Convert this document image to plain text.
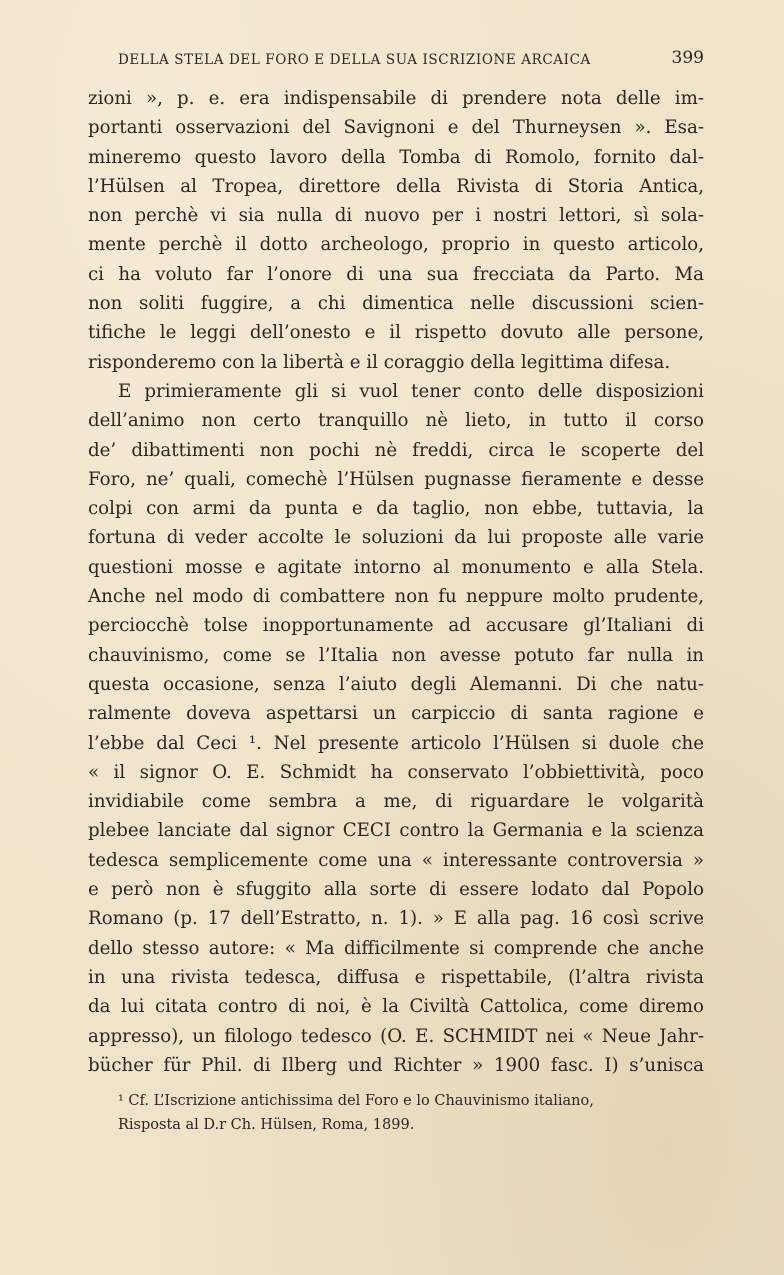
DELLA STELA DEL FORO E DELLA SUA ISCRIZIONE ARCAICA	399
zioni », p. e. era indispensabile di prendere nota delle im-
portanti osservazioni del Savignoni e del Thurneysen ». Esa-
mineremo questo lavoro della Tomba di Romolo, fornito dal-
l’Hülsen al Tropea, direttore della Rivista di Storia Antica,
non perchè vi sia nulla di nuovo per i nostri lettori, sì sola-
mente perchè il dotto archeologo, proprio in questo articolo,
ci ha voluto far l’onore di una sua frecciata da Parto. Ma
non soliti fuggire, a chi dimentica nelle discussioni scien-
tifiche le leggi dell’onesto e il rispetto dovuto alle persone,
risponderemo con la libertà e il coraggio della legittima difesa.
E primieramente gli si vuol tener conto delle disposizioni
dell’animo non certo tranquillo nè lieto, in tutto il corso
de’ dibattimenti non pochi nè freddi, circa le scoperte del
Foro, ne’ quali, comechè l’Hülsen pugnasse fieramente e desse
colpi con armi da punta e da taglio, non ebbe, tuttavia, la
fortuna di veder accolte le soluzioni da lui proposte alle varie
questioni mosse e agitate intorno al monumento e alla Stela.
Anche nel modo di combattere non fu neppure molto prudente,
perciocchè tolse inopportunamente ad accusare gl’Italiani di
chauvinismo, come se l’Italia non avesse potuto far nulla in
questa occasione, senza l’aiuto degli Alemanni. Di che natu-
ralmente doveva aspettarsi un carpiccio di santa ragione e
l’ebbe dal Ceci ¹. Nel presente articolo l’Hülsen si duole che
« il signor O. E. Schmidt ha conservato l’obbiettività, poco
invidiabile come sembra a me, di riguardare le volgarità
plebee lanciate dal signor CECI contro la Germania e la scienza
tedesca semplicemente come una « interessante controversia »
e però non è sfuggito alla sorte di essere lodato dal Popolo
Romano (p. 17 dell’Estratto, n. 1). » E alla pag. 16 così scrive
dello stesso autore: « Ma difficilmente si comprende che anche
in una rivista tedesca, diffusa e rispettabile, (l’altra rivista
da lui citata contro di noi, è la Civiltà Cattolica, come diremo
appresso), un filologo tedesco (O. E. SCHMIDT nei « Neue Jahr-
bücher für Phil. di Ilberg und Richter » 1900 fasc. I) s’unisca
¹ Cf. L’Iscrizione antichissima del Foro e lo Chauvinismo italiano,
Risposta al D.r Ch. Hülsen, Roma, 1899.
